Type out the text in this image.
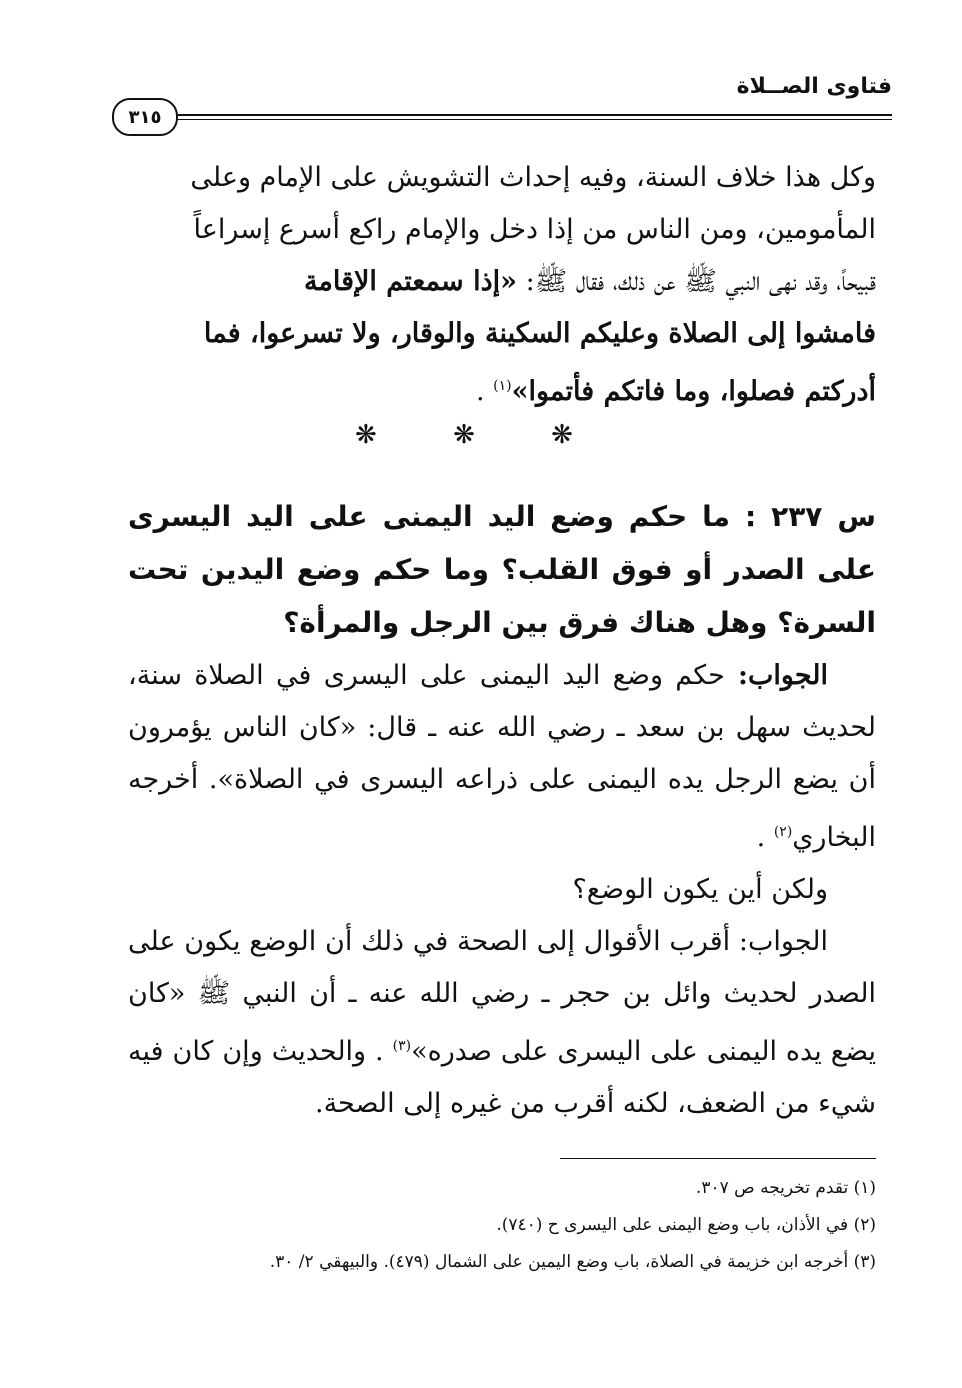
فتاوى الصــلاة
٣١٥

وكل هذا خلاف السنة، وفيه إحداث التشويش على الإمام وعلى

المأمومين، ومن الناس من إذا دخل والإمام راكع أسرع إسراعاً

قبيحاً، وقد نهى النبي ﷺ عن ذلك، فقال ﷺ: «إذا سمعتم الإقامة

فامشوا إلى الصلاة وعليكم السكينة والوقار، ولا تسرعوا، فما

أدركتم فصلوا، وما فاتكم فأتموا»$^{(١)}$ .

❋ ❋ ❋

س ٢٣٧ : ما حكم وضع اليد اليمنى على اليد اليسرى على الصدر أو فوق القلب؟ وما حكم وضع اليدين تحت السرة؟ وهل هناك فرق بين الرجل والمرأة؟

الجواب: حكم وضع اليد اليمنى على اليسرى في الصلاة سنة، لحديث سهل بن سعد ـ رضي الله عنه ـ قال: «كان الناس يؤمرون أن يضع الرجل يده اليمنى على ذراعه اليسرى في الصلاة». أخرجه البخاري$^{(٢)}$ .

ولكن أين يكون الوضع؟

الجواب: أقرب الأقوال إلى الصحة في ذلك أن الوضع يكون على الصدر لحديث وائل بن حجر ـ رضي الله عنه ـ أن النبي ﷺ «كان يضع يده اليمنى على اليسرى على صدره»$^{(٣)}$ . والحديث وإن كان فيه شيء من الضعف، لكنه أقرب من غيره إلى الصحة.

(١) تقدم تخريجه ص ٣٠٧.

(٢) في الأذان، باب وضع اليمنى على اليسرى ح (٧٤٠).

(٣) أخرجه ابن خزيمة في الصلاة، باب وضع اليمين على الشمال (٤٧٩). والبيهقي ٢/ ٣٠.
